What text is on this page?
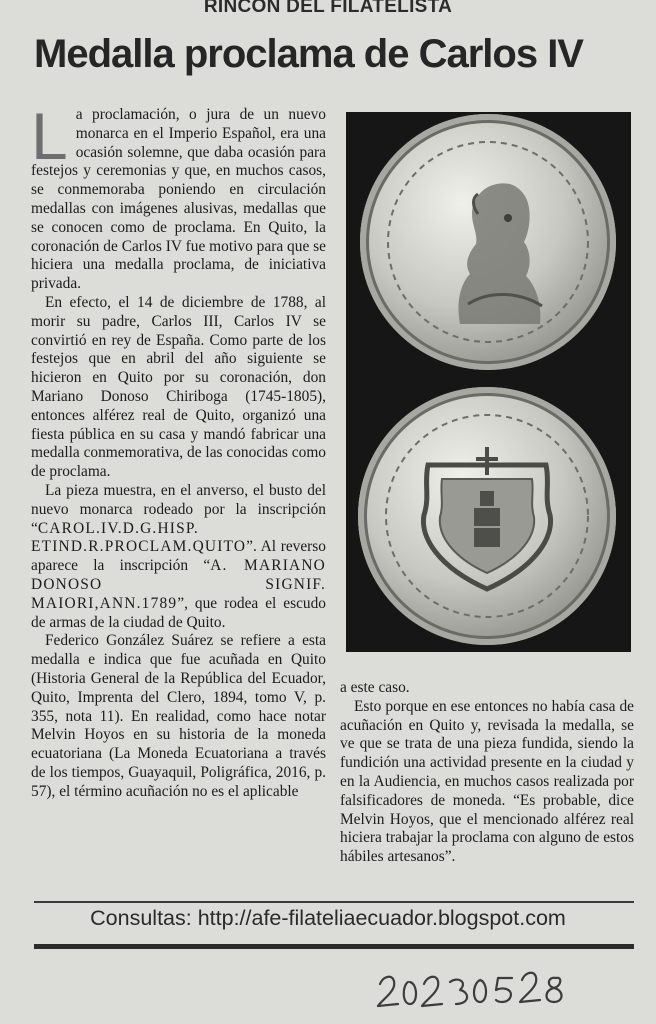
RINCON DEL FILATELISTA
Medalla proclama de Carlos IV

La proclamación, o jura de un nuevo monarca en el Imperio Español, era una ocasión solemne, que daba ocasión para festejos y ceremonias y que, en muchos casos, se conmemoraba poniendo en circulación medallas con imágenes alusivas, medallas que se conocen como de proclama. En Quito, la coronación de Carlos IV fue motivo para que se hiciera una medalla proclama, de iniciativa privada.

En efecto, el 14 de diciembre de 1788, al morir su padre, Carlos III, Carlos IV se convirtió en rey de España. Como parte de los festejos que en abril del año siguiente se hicieron en Quito por su coronación, don Mariano Donoso Chiriboga (1745-1805), entonces alférez real de Quito, organizó una fiesta pública en su casa y mandó fabricar una medalla conmemorativa, de las conocidas como de proclama.

La pieza muestra, en el anverso, el busto del nuevo monarca rodeado por la inscripción “CAROL.IV.D.G.HISP. ETIND.R.PROCLAM.QUITO”. Al reverso aparece la inscripción “A. MARIANO DONOSO SIGNIF. MAIORI,ANN.1789”, que rodea el escudo de armas de la ciudad de Quito.

Federico González Suárez se refiere a esta medalla e indica que fue acuñada en Quito (Historia General de la República del Ecuador, Quito, Imprenta del Clero, 1894, tomo V, p. 355, nota 11). En realidad, como hace notar Melvin Hoyos en su historia de la moneda ecuatoriana (La Moneda Ecuatoriana a través de los tiempos, Guayaquil, Poligráfica, 2016, p. 57), el término acuñación no es el aplicable

a este caso.

Esto porque en ese entonces no había casa de acuñación en Quito y, revisada la medalla, se ve que se trata de una pieza fundida, siendo la fundición una actividad presente en la ciudad y en la Audiencia, en muchos casos realizada por falsificadores de moneda. “Es probable, dice Melvin Hoyos, que el mencionado alférez real hiciera trabajar la proclama con alguno de estos hábiles artesanos”.

Consultas: http://afe-filateliaecuador.blogspot.com
